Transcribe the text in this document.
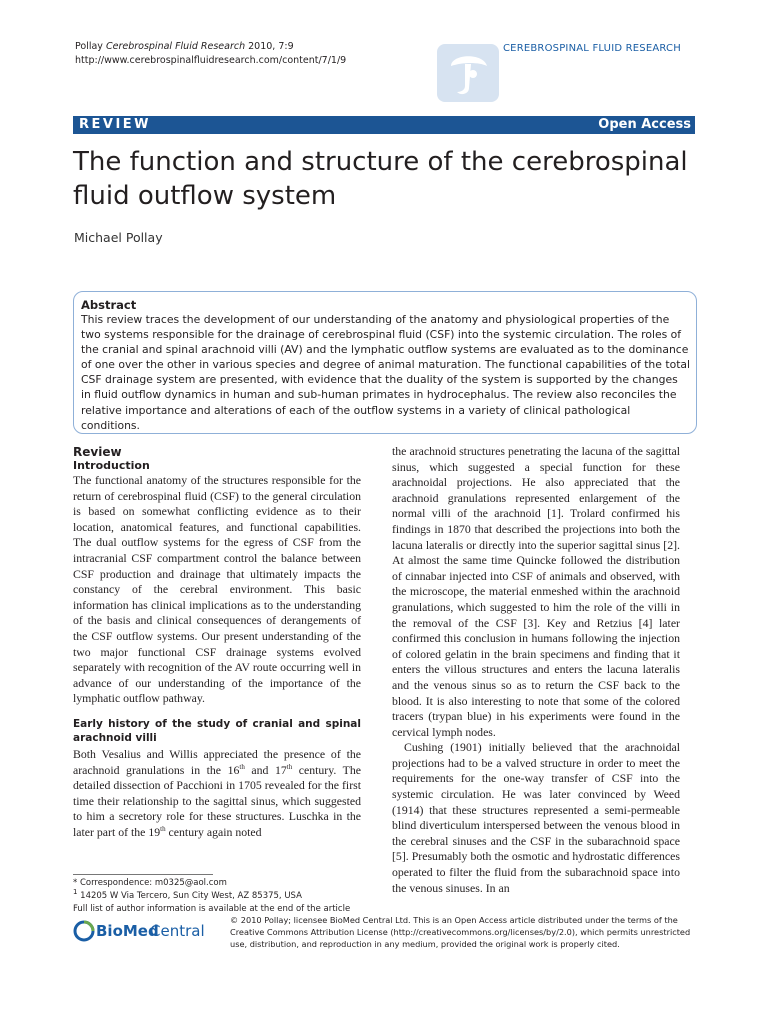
Pollay Cerebrospinal Fluid Research 2010, 7:9
http://www.cerebrospinalfluidresearch.com/content/7/1/9
CEREBROSPINAL FLUID RESEARCH
REVIEW	Open Access
The function and structure of the cerebrospinal fluid outflow system
Michael Pollay
Abstract
This review traces the development of our understanding of the anatomy and physiological properties of the two systems responsible for the drainage of cerebrospinal fluid (CSF) into the systemic circulation. The roles of the cranial and spinal arachnoid villi (AV) and the lymphatic outflow systems are evaluated as to the dominance of one over the other in various species and degree of animal maturation. The functional capabilities of the total CSF drainage system are presented, with evidence that the duality of the system is supported by the changes in fluid outflow dynamics in human and sub-human primates in hydrocephalus. The review also reconciles the relative importance and alterations of each of the outflow systems in a variety of clinical pathological conditions.
Review
Introduction

The functional anatomy of the structures responsible for the return of cerebrospinal fluid (CSF) to the general circulation is based on somewhat conflicting evidence as to their location, anatomical features, and functional capabilities. The dual outflow systems for the egress of CSF from the intracranial CSF compartment control the balance between CSF production and drainage that ultimately impacts the constancy of the cerebral environment. This basic information has clinical implications as to the understanding of the basis and clinical consequences of derangements of the CSF outflow systems. Our present understanding of the two major functional CSF drainage systems evolved separately with recognition of the AV route occurring well in advance of our understanding of the importance of the lymphatic outflow pathway.

Early history of the study of cranial and spinal arachnoid villi

Both Vesalius and Willis appreciated the presence of the arachnoid granulations in the 16th and 17th century. The detailed dissection of Pacchioni in 1705 revealed for the first time their relationship to the sagittal sinus, which suggested to him a secretory role for these structures. Luschka in the later part of the 19th century again noted

the arachnoid structures penetrating the lacuna of the sagittal sinus, which suggested a special function for these arachnoidal projections. He also appreciated that the arachnoid granulations represented enlargement of the normal villi of the arachnoid [1]. Trolard confirmed his findings in 1870 that described the projections into both the lacuna lateralis or directly into the superior sagittal sinus [2]. At almost the same time Quincke followed the distribution of cinnabar injected into CSF of animals and observed, with the microscope, the material enmeshed within the arachnoid granulations, which suggested to him the role of the villi in the removal of the CSF [3]. Key and Retzius [4] later confirmed this conclusion in humans following the injection of colored gelatin in the brain specimens and finding that it enters the villous structures and enters the lacuna lateralis and the venous sinus so as to return the CSF back to the blood. It is also interesting to note that some of the colored tracers (trypan blue) in his experiments were found in the cervical lymph nodes.

Cushing (1901) initially believed that the arachnoidal projections had to be a valved structure in order to meet the requirements for the one-way transfer of CSF into the systemic circulation. He was later convinced by Weed (1914) that these structures represented a semi-permeable blind diverticulum interspersed between the venous blood in the cerebral sinuses and the CSF in the subarachnoid space [5]. Presumably both the osmotic and hydrostatic differences operated to filter the fluid from the subarachnoid space into the venous sinuses. In an

* Correspondence: m0325@aol.com
$^1$ 14205 W Via Tercero, Sun City West, AZ 85375, USA
Full list of author information is available at the end of the article
BioMed
Central
© 2010 Pollay; licensee BioMed Central Ltd. This is an Open Access article distributed under the terms of the Creative Commons Attribution License (http://creativecommons.org/licenses/by/2.0), which permits unrestricted use, distribution, and reproduction in any medium, provided the original work is properly cited.
